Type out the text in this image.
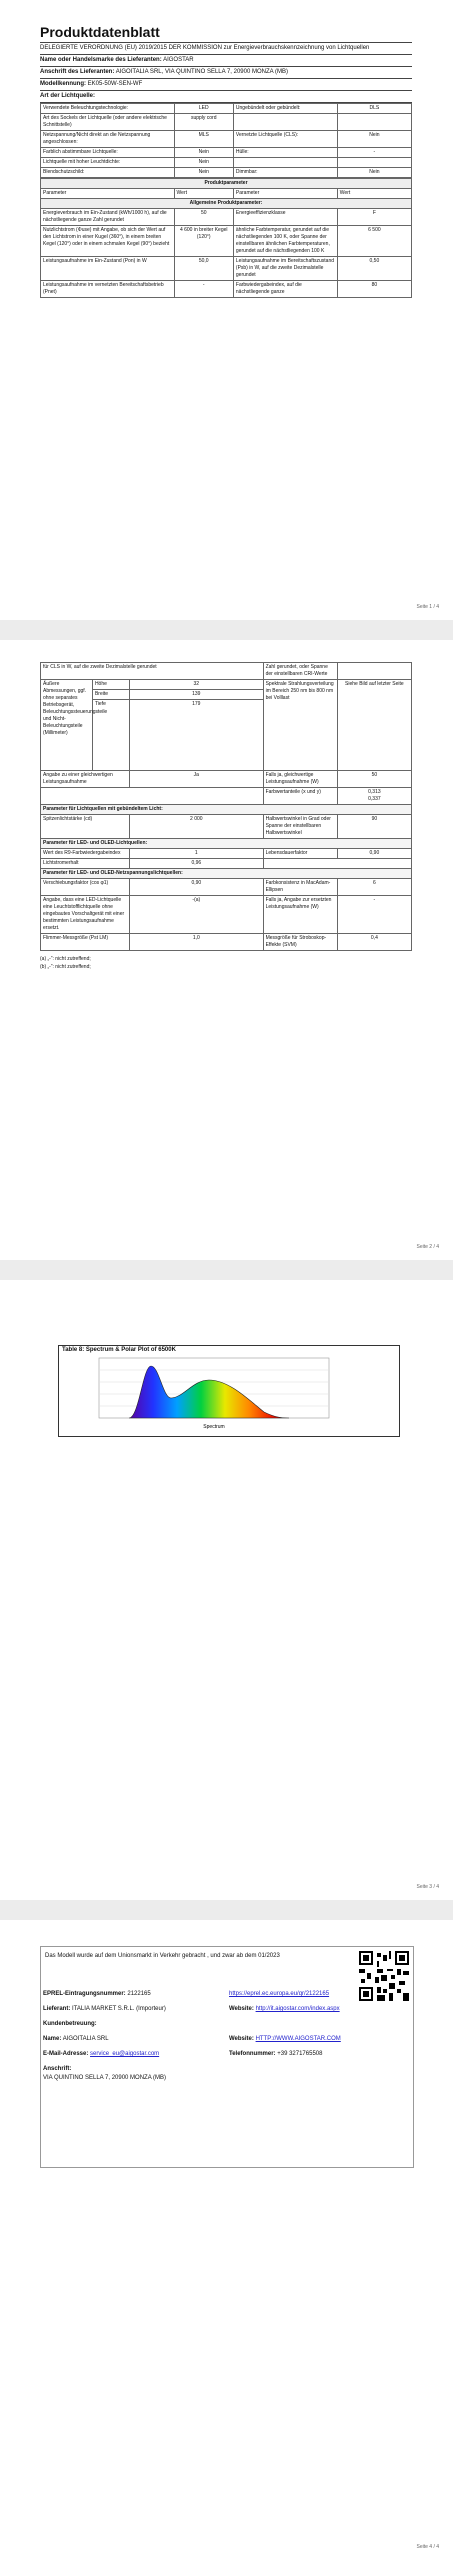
Produktdatenblatt
DELEGIERTE VERORDNUNG (EU) 2019/2015 DER KOMMISSION zur Energieverbrauchskennzeichnung von Lichtquellen
Name oder Handelsmarke des Lieferanten: AIGOSTAR
Anschrift des Lieferanten: AIGOITALIA SRL, VIA QUINTINO SELLA 7, 20900 MONZA (MB)
Modellkennung: EK05-50W-SEN-WF
Art der Lichtquelle:
Verwendete Beleuchtungstechnologie:	LED	Ungebündelt oder gebündelt:	DLS
Art des Sockels der Lichtquelle (oder andere elektrische Schnittstelle)	supply cord		
Netzspannung/Nicht direkt an die Netzspannung angeschlossen:	MLS	Vernetzte Lichtquelle (CLS):	Nein
Farblich abstimmbare Lichtquelle:	Nein	Hülle:	-
Lichtquelle mit hoher Leuchtdichte:	Nein		
Blendschutzschild:	Nein	Dimmbar:	Nein
Produktparameter			
Parameter	Wert	Parameter	Wert
Allgemeine Produktparameter:			
Energieverbrauch im Ein-Zustand (kWh/1000 h), auf die nächstliegende ganze Zahl gerundet	50	Energieeffizienzklasse	F
Nutzlichtstrom (Φuse) mit Angabe, ob sich der Wert auf den Lichtstrom in einer Kugel (360°), in einem breiten Kegel (120°) oder in einem schmalen Kegel (90°) bezieht	4 600 in breiter Kegel (120°)	ähnliche Farbtemperatur, gerundet auf die nächstliegenden 100 K, oder Spanne der einstellbaren ähnlichen Farbtemperaturen, gerundet auf die nächstliegenden 100 K	6 500
Leistungsaufnahme im Ein-Zustand (Pon) in W	50,0	Leistungsaufnahme im Bereitschaftszustand (Psb) in W, auf die zweite Dezimalstelle gerundet	0,50
Leistungsaufnahme im vernetzten Bereitschaftsbetrieb (Pnet)	-	Farbwiedergabeindex, auf die nächstliegende ganze	80
Seite 1 / 4
für CLS in W, auf die zweite Dezimalstelle gerundet			Zahl gerundet, oder Spanne der einstellbaren CRI-Werte	
Äußere Abmessungen, ggf. ohne separates Betriebsgerät, Beleuchtungssteuerungsteile und Nicht-Beleuchtungsteile (Millimeter)	Höhe	32	Spektrale Strahlungsverteilung im Bereich 250 nm bis 800 nm bei Volllast	Siehe Bild auf letzter Seite
	Breite	139		
	Tiefe	179		
Angabe zu einer gleichwertigen Leistungsaufnahme		Ja	Falls ja, gleichwertige Leistungsaufnahme (W)	50
			Farbwertanteile (x und y)	0,313
0,337
Parameter für Lichtquellen mit gebündeltem Licht:				
Spitzenlichtstärke (cd)		2 000	Halbwertswinkel in Grad oder Spanne der einstellbaren Halbwertswinkel	90
Parameter für LED- und OLED-Lichtquellen:				
Wert des R9-Farbwiedergabeindex		1	Lebensdauerfaktor	0,90
Lichtstromerhalt		0,96		
Parameter für LED- und OLED-Netzspannungslichtquellen:				
Verschiebungsfaktor (cos φ1)		0,90	Farbkonsistenz in MacAdam-Ellipsen	6
Angabe, dass eine LED-Lichtquelle eine Leuchtstofflichtquelle ohne eingebautes Vorschaltgerät mit einer bestimmten Leistungsaufnahme ersetzt.		-(a)	Falls ja, Angabe zur ersetzten Leistungsaufnahme (W)	-
Flimmer-Messgröße (Pst LM)		1,0	Messgröße für Stroboskop-Effekte (SVM)	0,4
(a) „-“: nicht zutreffend;
(b) „-“: nicht zutreffend;
Seite 2 / 4
Seite 3 / 4
Table 8: Spectrum & Polar Plot of 6500K
Spectrum
Das Modell wurde auf dem Unionsmarkt in Verkehr gebracht , und zwar ab dem 01/2023
EPREL-Eintragungsnummer: 2122165	https://eprel.ec.europa.eu/qr/2122165
Lieferant: ITALIA MARKET S.R.L. (Importeur)	Website: http://it.aigostar.com/index.aspx
Kundenbetreuung:	
Name: AIGOITALIA SRL	Website: HTTP://WWW.AIGOSTAR.COM
E-Mail-Adresse: service_eu@aigostar.com	Telefonnummer: +39 3271765508
Anschrift:
VIA QUINTINO SELLA 7, 20900 MONZA (MB)	
Seite 4 / 4
